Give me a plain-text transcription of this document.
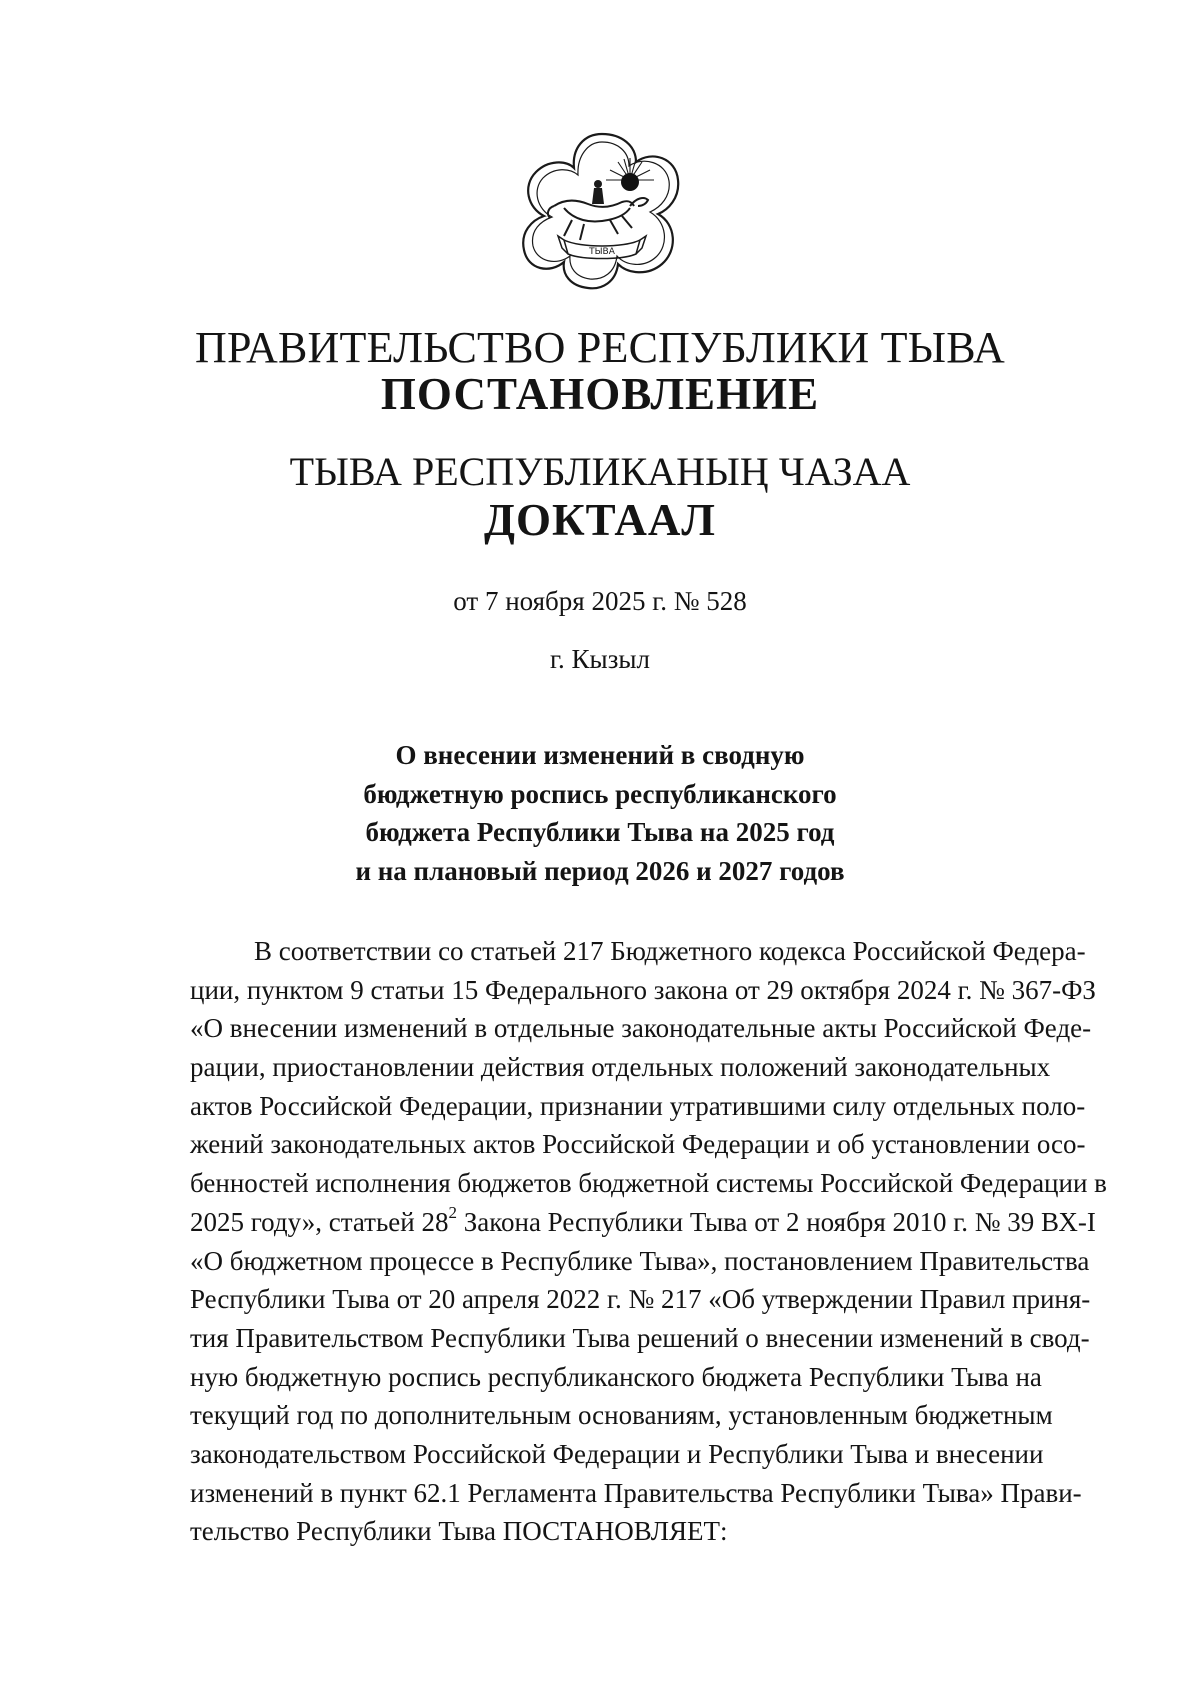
ТЫВА
ПРАВИТЕЛЬСТВО РЕСПУБЛИКИ ТЫВА
ПОСТАНОВЛЕНИЕ
ТЫВА РЕСПУБЛИКАНЫҢ ЧАЗАА
ДОКТААЛ
от 7 ноября 2025 г. № 528
г. Кызыл
О внесении изменений в сводную
бюджетную роспись республиканского
бюджета Республики Тыва на 2025 год
и на плановый период 2026 и 2027 годов
В соответствии со статьей 217 Бюджетного кодекса Российской Федера-
ции, пунктом 9 статьи 15 Федерального закона от 29 октября 2024 г. № 367-ФЗ
«О внесении изменений в отдельные законодательные акты Российской Феде-
рации, приостановлении действия отдельных положений законодательных
актов Российской Федерации, признании утратившими силу отдельных поло-
жений законодательных актов Российской Федерации и об установлении осо-
бенностей исполнения бюджетов бюджетной системы Российской Федерации в
2025 году», статьей $28^2$ Закона Республики Тыва от 2 ноября 2010 г. № 39 ВХ-I
«О бюджетном процессе в Республике Тыва», постановлением Правительства
Республики Тыва от 20 апреля 2022 г. № 217 «Об утверждении Правил приня-
тия Правительством Республики Тыва решений о внесении изменений в свод-
ную бюджетную роспись республиканского бюджета Республики Тыва на
текущий год по дополнительным основаниям, установленным бюджетным
законодательством Российской Федерации и Республики Тыва и внесении
изменений в пункт 62.1 Регламента Правительства Республики Тыва» Прави-
тельство Республики Тыва ПОСТАНОВЛЯЕТ:
